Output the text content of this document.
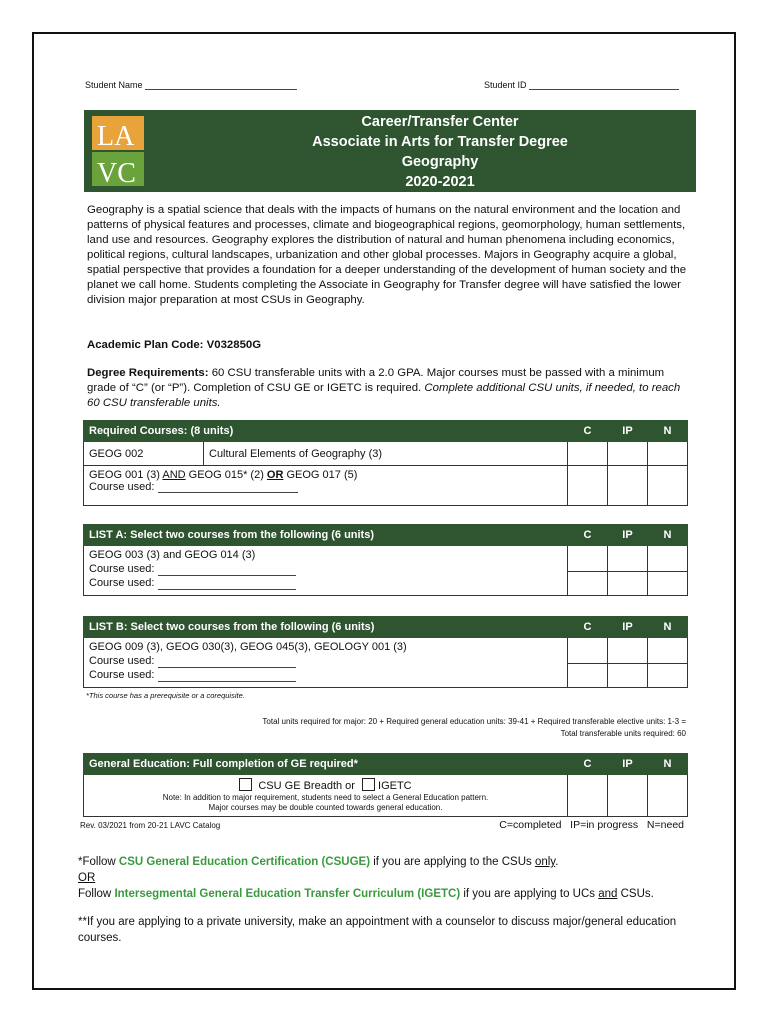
Student Name	Student ID
LA
VC
Career/Transfer Center
Associate in Arts for Transfer Degree
Geography
2020-2021
Geography is a spatial science that deals with the impacts of humans on the natural environment and the location and patterns of physical features and processes, climate and biogeographical regions, geomorphology, human settlements, land use and resources. Geography explores the distribution of natural and human phenomena including economics, political regions, cultural landscapes, urbanization and other global processes. Majors in Geography acquire a global, spatial perspective that provides a foundation for a deeper understanding of the development of human society and the planet we call home. Students completing the Associate in Geography for Transfer degree will have satisfied the lower division major preparation at most CSUs in Geography.
Academic Plan Code: V032850G
Degree Requirements: 60 CSU transferable units with a 2.0 GPA. Major courses must be passed with a minimum grade of “C” (or “P”). Completion of CSU GE or IGETC is required. Complete additional CSU units, if needed, to reach 60 CSU transferable units.
Required Courses: (8 units)		C	IP	N
GEOG 002	Cultural Elements of Geography (3)			
GEOG 001 (3) AND GEOG 015* (2) OR GEOG 017 (5)
Course used:				
LIST A: Select two courses from the following (6 units)	C	IP	N
GEOG 003 (3) and GEOG 014 (3)
Course used:
Course used:			

LIST B: Select two courses from the following (6 units)	C	IP	N
GEOG 009 (3), GEOG 030(3), GEOG 045(3), GEOLOGY 001 (3)
Course used:
Course used:			

*This course has a prerequisite or a corequisite.
Total units required for major: 20 + Required general education units: 39-41 + Required transferable elective units: 1-3 =
Total transferable units required: 60
General Education: Full completion of GE required*	C	IP	N

CSU GE Breadth or IGETC
Note: In addition to major requirement, students need to select a General Education pattern.
Major courses may be double counted towards general education.			

Rev. 03/2021 from 20-21 LAVC Catalog	C=completed   IP=in progress   N=need
*Follow CSU General Education Certification (CSUGE) if you are applying to the CSUs only.
OR
Follow Intersegmental General Education Transfer Curriculum (IGETC) if you are applying to UCs and CSUs.
**If you are applying to a private university, make an appointment with a counselor to discuss major/general education courses.
